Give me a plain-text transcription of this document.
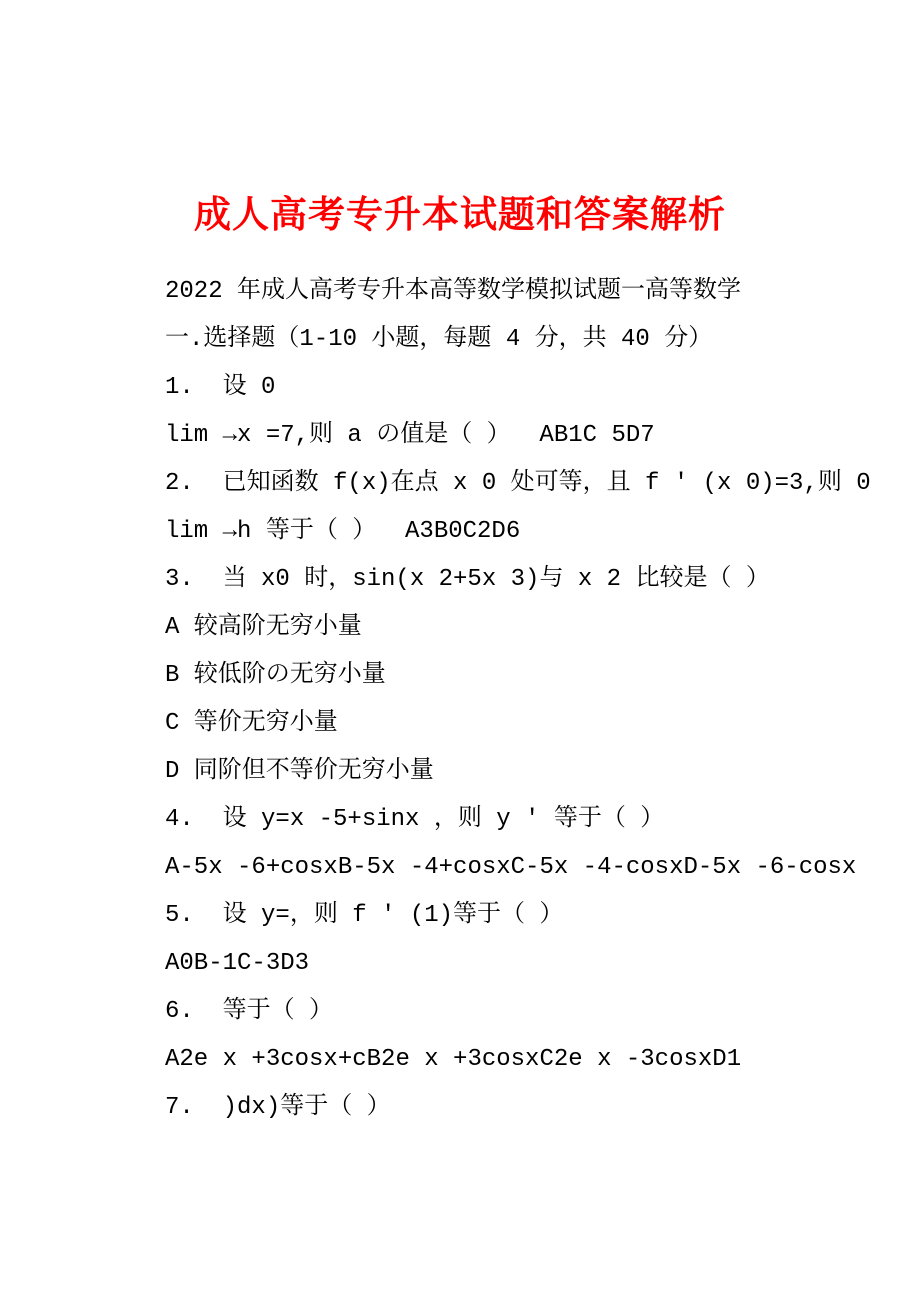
成人高考专升本试题和答案解析

2022 年成人高考专升本高等数学模拟试题一高等数学

一.选择题（1-10 小题，每题 4 分，共 40 分）

1.  设 0

lim →x =7,则 a の值是（ ）  AB1C 5D7

2.  已知函数 f(x)在点 x 0 处可等，且 f ′ (x 0)=3,则 0

lim →h 等于（ ）  A3B0C2D6

3.  当 x0 时，sin(x 2+5x 3)与 x 2 比较是（ ）

A 较高阶无穷小量

B 较低阶の无穷小量

C 等价无穷小量

D 同阶但不等价无穷小量

4.  设 y=x -5+sinx ，则 y ′ 等于（ ）

A-5x -6+cosxB-5x -4+cosxC-5x -4-cosxD-5x -6-cosx

5.  设 y=，则 f ′ (1)等于（ ）

A0B-1C-3D3

6.  等于（ ）

A2e x +3cosx+cB2e x +3cosxC2e x -3cosxD1

7.  )dx)等于（ ）
